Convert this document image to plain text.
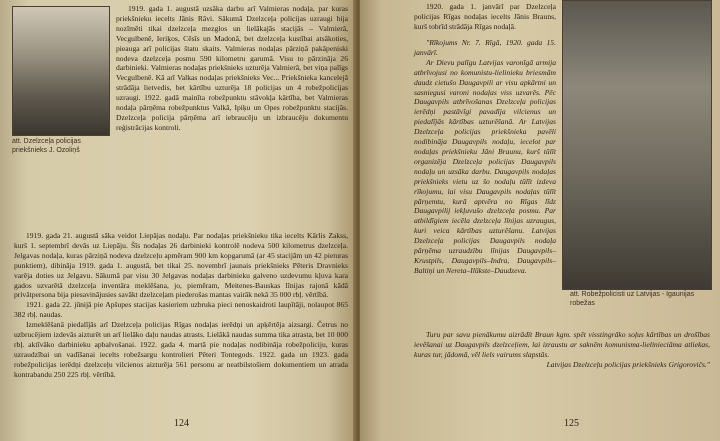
att. Dzelzceļa policijas priekšnieks J. Ozoliņš

1919. gada 1. augustā uzsāka darbu arī Valmieras nodaļa, par kuras priekšnieku iecelts Jānis Rāvi. Sākumā Dzelzceļa policijas uzraugi bija nozīmēti tikai dzelzceļa mezglos un lielākajās stacijās – Valmierā, Vecgulbenē, Ieriķos, Cēsīs un Madonā, bet dzelzceļa kustībai atsākoties, pieauga arī policijas štatu skaits. Valmieras nodaļas pārziņā pakāpeniski nodeva dzelzceļa posmu 590 kilometru garumā. Visu to pārzināja 26 darbinieki. Valmieras nodaļas priekšnieks uzturēja Valmierā, bet viņa palīgs Vecgulbenē. Kā arī Valkas nodaļas priekšnieks Vec... Priekšnieka kancelejā strādāja lietvedis, bet kārtību uzturēja 18 policijas un 4 robežpolicijas uzraugi. 1922. gadā mainīta robežpunktu stāvokļa kārtība, bet Valmieras nodaļa pārņēma robežpunktus Valkā, Ipiķu un Opes robežpunktu stacijās. Dzelzceļa policija pārņēma arī iebraucēju un izbraucēju dokumentu reģistrācijas kontroli.

1919. gada 21. augustā sāka veidot Liepājas nodaļu. Par nodaļas priekšnieku tika iecelts Kārlis Zakss, kurš 1. septembrī devās uz Liepāju. Šīs nodaļas 26 darbinieki kontrolē nodeva 500 kilometrus dzelzceļa. Jelgavas nodaļa, kuras pārziņā nodeva dzelzceļu apmēram 900 km kopgarumā (ar 45 stacijām un 42 pieturas punktiem), dibināja 1919. gada 1. augustā, bet tikai 25. novembrī jaunais priekšnieks Pēteris Dravnieks varēja doties uz Jelgavu. Sākumā par visu 30 Jelgavas nodaļas darbinieku galveno uzdevumu kļuva kara gados uzvarētā dzelzceļa inventāra meklēšana, jo, piemēram, Meitenes-Bauskas līnijas rajonā kādā privātpersona bija piesavinājusies savākt dzelzceļam piederošas mantas vairāk nekā 35 000 rbļ. vērtībā.

1921. gada 22. jūnijā pie Apšupes stacijas kasieriem uzbruka pieci nenoskaidroti laupītāji, nolaupot 865 382 rbļ. naudas.

Izmeklēšanā piedalījās arī Dzelzceļa policijas Rīgas nodaļas ierēdņi un apķērtēja aizsargi. Četrus no uzbrucējiem izdevās aizturēt un arī lielāko daļu naudas atrasts. Lielākā naudas summa tika atrasta, bet 10 000 rbļ. aktīvāko darbinieku apbalvošanai. 1922. gada 4. martā pie nodaļas nodibināja robežpoliciju, kuras uzraudzībai un vadīšanai iecelts robežsargu kontrolieri Pēteri Tontegods. 1922. gada un 1923. gada robežpolicijas ierēdņi dzelzceļu vilcienos aizturēja 561 personu ar neatbilstošiem dokumentiem un atrada kontrabandu 250 225 rbļ. vērtībā.

124
att. Robežpolicisti uz Latvijas - Igaunijas robežas

1920. gada 1. janvārī par Dzelzceļa policijas Rīgas nodaļas iecelts Jānis Brauns, kurš tobrīd strādāja Rīgas nodaļā.

"Rīkojums Nr. 7. Rīgā, 1920. gada 15. janvārī.

Ar Dievu palīgu Latvijas varonīgā armija atbrīvojusi no komunistu-lielinieku briesmām daudz cietušo Daugavpili ar visu apkārtni un sasniegusi varoni nodaļas viss uzvarēs. Pēc Daugavpils atbrīvošanas Dzelzceļa policijas ierēdņi pastāvīgi pavadīja vilcienus un piedalījās kārtības uzturēšanā. Ar Latvijas Dzelzceļa policijas priekšnieka pavēli nodibināja Daugavpils nodaļu, iecelot par nodaļas priekšnieku Jāni Braunu, kurš tūlīt organizēja Dzelzceļa policijas Daugavpils nodaļu un uzsāka darbu. Daugavpils nodaļas priekšnieks vietu uz šo nodaļu tūlīt izdeva rīkojumu, lai visu Daugavpils nodaļas tūlīt pārņemtu, kurā aptvēra no Rīgas līdz Daugavpilij iekļuvušo dzelzceļa posmu. Par atbildīgiem iecēla dzelzceļa līnijas uzraugus, kuri veica kārtības uzturēšanu. Latvijas Dzelzceļa policijas Daugavpils nodaļa pārņēma uzraudzību līnijas Daugavpils–Krustpils, Daugavpils–Indra, Daugavpils–Baltiņi un Nereta–Ilūkste–Daudzeva.

Turu par savu pienākumu aizrādīt Braun kgm. spēt visstingrāko soļus kārtības un drošības ievēšanai uz Daugavpils dzelzceļiem, lai izraustu ar saknēm komunisma-lielinieciāma atliekas, kuras tur, jādomā, vēl liels vairums slapstās.

Latvijas Dzelzceļu policijas priekšnieks Grigorovičs."

125
